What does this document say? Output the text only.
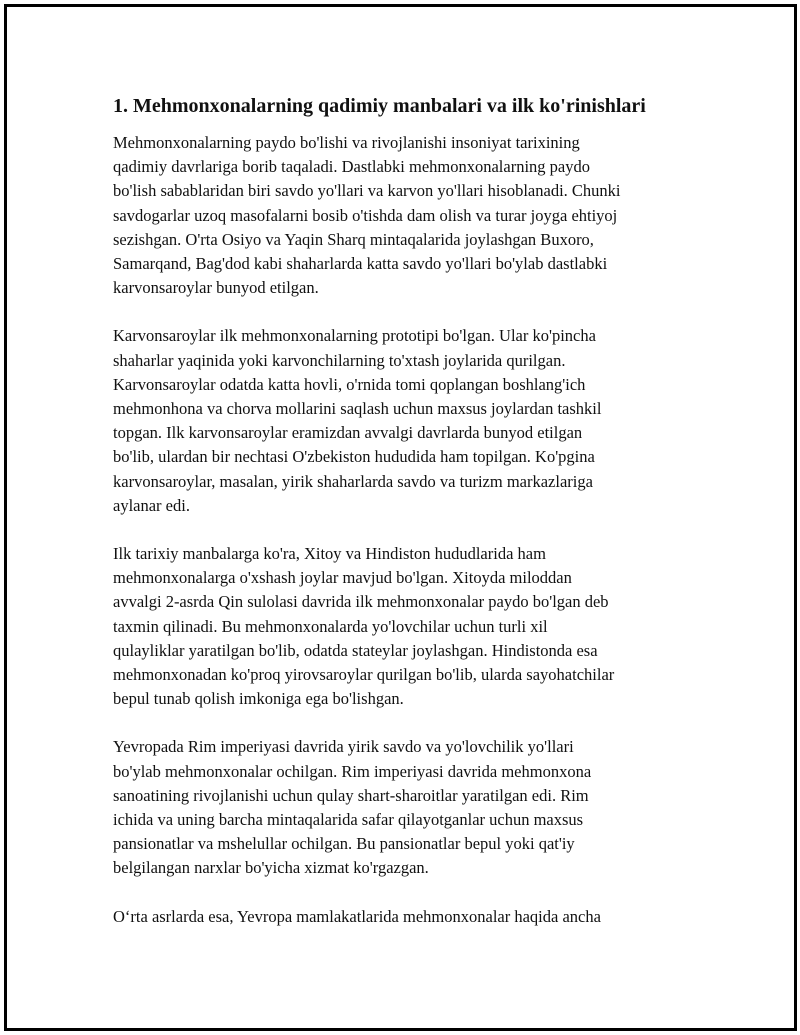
1. Mehmonxonalarning qadimiy manbalari va ilk ko'rinishlari
Mehmonxonalarning paydo bo'lishi va rivojlanishi insoniyat tarixining
qadimiy davrlariga borib taqaladi. Dastlabki mehmonxonalarning paydo
bo'lish sabablaridan biri savdo yo'llari va karvon yo'llari hisoblanadi. Chunki
savdogarlar uzoq masofalarni bosib o'tishda dam olish va turar joyga ehtiyoj
sezishgan. O'rta Osiyo va Yaqin Sharq mintaqalarida joylashgan Buxoro,
Samarqand, Bag'dod kabi shaharlarda katta savdo yo'llari bo'ylab dastlabki
karvonsaroylar bunyod etilgan.
Karvonsaroylar ilk mehmonxonalarning prototipi bo'lgan. Ular ko'pincha
shaharlar yaqinida yoki karvonchilarning to'xtash joylarida qurilgan.
Karvonsaroylar odatda katta hovli, o'rnida tomi qoplangan boshlang'ich
mehmonhona va chorva mollarini saqlash uchun maxsus joylardan tashkil
topgan. Ilk karvonsaroylar eramizdan avvalgi davrlarda bunyod etilgan
bo'lib, ulardan bir nechtasi O'zbekiston hududida ham topilgan. Ko'pgina
karvonsaroylar, masalan, yirik shaharlarda savdo va turizm markazlariga
aylanar edi.
Ilk tarixiy manbalarga ko'ra, Xitoy va Hindiston hududlarida ham
mehmonxonalarga o'xshash joylar mavjud bo'lgan. Xitoyda miloddan
avvalgi 2-asrda Qin sulolasi davrida ilk mehmonxonalar paydo bo'lgan deb
taxmin qilinadi. Bu mehmonxonalarda yo'lovchilar uchun turli xil
qulayliklar yaratilgan bo'lib, odatda stateylar joylashgan. Hindistonda esa
mehmonxonadan ko'proq yirovsaroylar qurilgan bo'lib, ularda sayohatchilar
bepul tunab qolish imkoniga ega bo'lishgan.
Yevropada Rim imperiyasi davrida yirik savdo va yo'lovchilik yo'llari
bo'ylab mehmonxonalar ochilgan. Rim imperiyasi davrida mehmonxona
sanoatining rivojlanishi uchun qulay shart-sharoitlar yaratilgan edi. Rim
ichida va uning barcha mintaqalarida safar qilayotganlar uchun maxsus
pansionatlar va mshelullar ochilgan. Bu pansionatlar bepul yoki qat'iy
belgilangan narxlar bo'yicha xizmat ko'rgazgan.
O‘rta asrlarda esa, Yevropa mamlakatlarida mehmonxonalar haqida ancha
